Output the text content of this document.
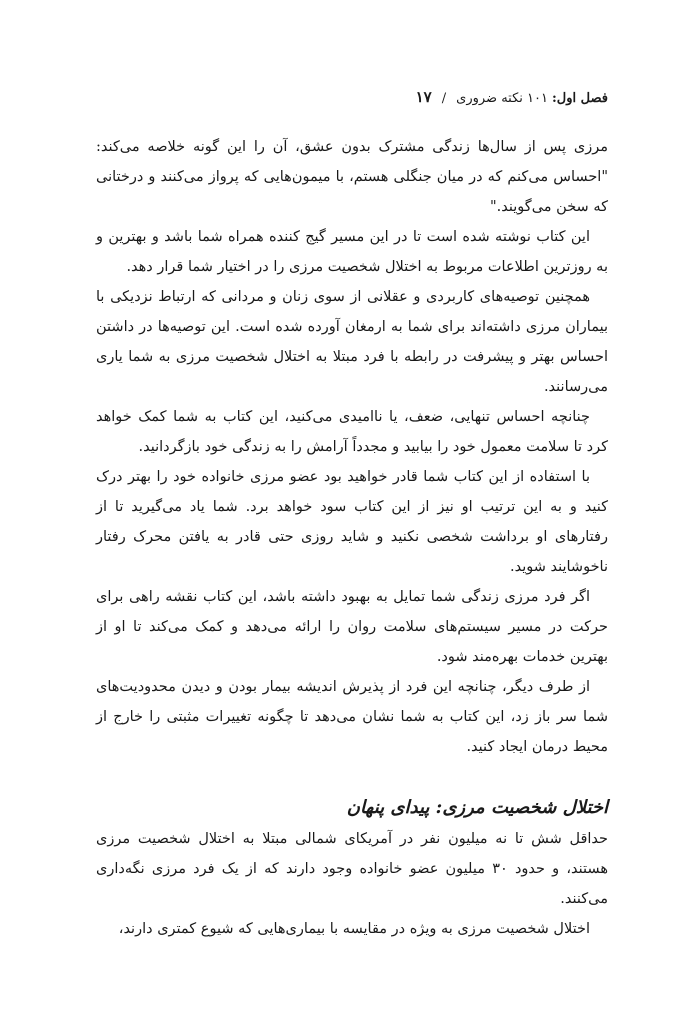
فصل اول:
۱۰۱ نکته ضروری
/
۱۷

مرزی پس از سال‌ها زندگی مشترک بدون عشق، آن را این گونه خلاصه می‌کند: "احساس می‌کنم که در میان جنگلی هستم، با میمون‌هایی که پرواز می‌کنند و درختانی که سخن می‌گویند."

این کتاب نوشته شده است تا در این مسیر گیج کننده همراه شما باشد و بهترین و به روزترین اطلاعات مربوط به اختلال شخصیت مرزی را در اختیار شما قرار دهد.

همچنین توصیه‌های کاربردی و عقلانی از سوی زنان و مردانی که ارتباط نزدیکی با بیماران مرزی داشته‌اند برای شما به ارمغان آورده شده است. این توصیه‌ها در داشتن احساس بهتر و پیشرفت در رابطه با فرد مبتلا به اختلال شخصیت مرزی به شما یاری می‌رسانند.

چنانچه احساس تنهایی، ضعف، یا ناامیدی می‌کنید، این کتاب به شما کمک خواهد کرد تا سلامت معمول خود را بیابید و مجدداً آرامش را به زندگی خود بازگردانید.

با استفاده از این کتاب شما قادر خواهید بود عضو مرزی خانواده خود را بهتر درک کنید و به این ترتیب او نیز از این کتاب سود خواهد برد. شما یاد می‌گیرید تا از رفتارهای او برداشت شخصی نکنید و شاید روزی حتی قادر به یافتن محرک رفتار ناخوشایند شوید.

اگر فرد مرزی زندگی شما تمایل به بهبود داشته باشد، این کتاب نقشه راهی برای حرکت در مسیر سیستم‌های سلامت روان را ارائه می‌دهد و کمک می‌کند تا او از بهترین خدمات بهره‌مند شود.

از طرف دیگر، چنانچه این فرد از پذیرش اندیشه بیمار بودن و دیدن محدودیت‌های شما سر باز زد، این کتاب به شما نشان می‌دهد تا چگونه تغییرات مثبتی را خارج از محیط درمان ایجاد کنید.

اختلال شخصیت مرزی: پیدای پنهان

حداقل شش تا نه میلیون نفر در آمریکای شمالی مبتلا به اختلال شخصیت مرزی هستند، و حدود ۳۰ میلیون عضو خانواده وجود دارند که از یک فرد مرزی نگه‌داری می‌کنند.

اختلال شخصیت مرزی به ویژه در مقایسه با بیماری‌هایی که شیوع کمتری دارند،
